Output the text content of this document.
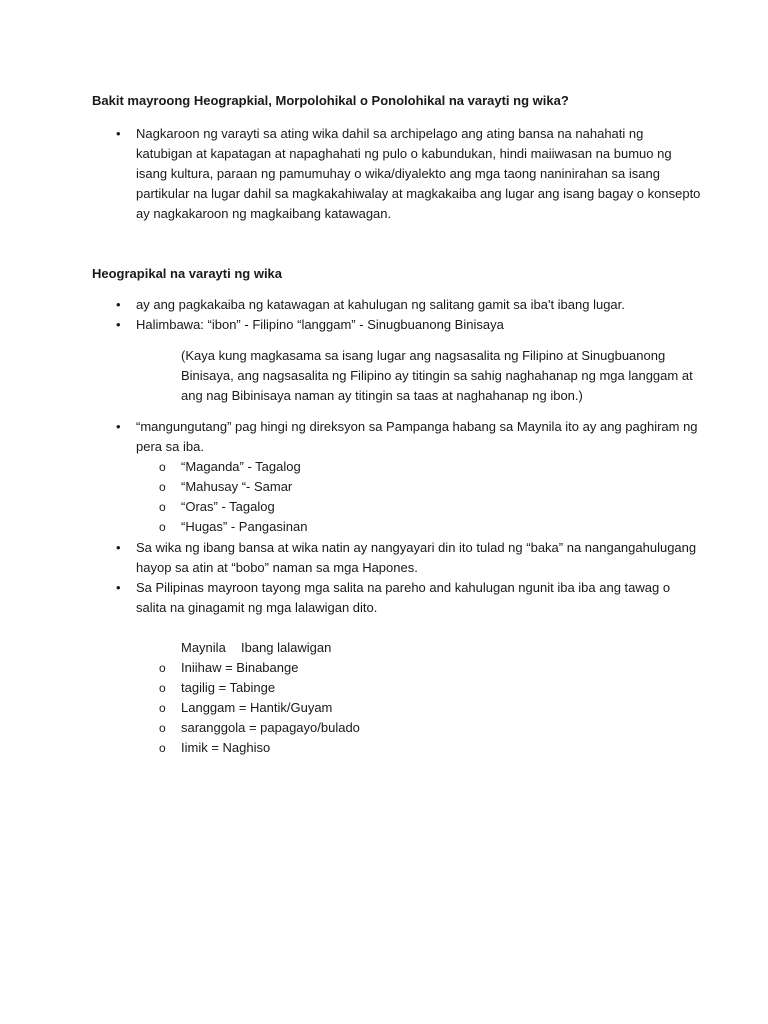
Bakit mayroong Heograpkial, Morpolohikal o Ponolohikal na varayti ng wika?
• Nagkaroon ng varayti sa ating wika dahil sa archipelago ang ating bansa na nahahati ng
katubigan at kapatagan at napaghahati ng pulo o kabundukan, hindi maiiwasan na bumuo ng
isang kultura, paraan ng pamumuhay o wika/diyalekto ang mga taong naninirahan sa isang
partikular na lugar dahil sa magkakahiwalay at magkakaiba ang lugar ang isang bagay o konsepto
ay nagkakaroon ng magkaibang katawagan.
Heograpikal na varayti ng wika
• ay ang pagkakaiba ng katawagan at kahulugan ng salitang gamit sa iba't ibang lugar.
• Halimbawa: “ibon” - Filipino “langgam” - Sinugbuanong Binisaya
(Kaya kung magkasama sa isang lugar ang nagsasalita ng Filipino at Sinugbuanong
Binisaya, ang nagsasalita ng Filipino ay titingin sa sahig naghahanap ng mga langgam at
ang nag Bibinisaya naman ay titingin sa taas at naghahanap ng ibon.)
• “mangungutang” pag hingi ng direksyon sa Pampanga habang sa Maynila ito ay ang paghiram ng
pera sa iba.
o “Maganda” - Tagalog
o “Mahusay “- Samar
o “Oras” - Tagalog
o “Hugas” - Pangasinan
• Sa wika ng ibang bansa at wika natin ay nangyayari din ito tulad ng “baka” na nangangahulugang
hayop sa atin at “bobo” naman sa mga Hapones.
• Sa Pilipinas mayroon tayong mga salita na pareho and kahulugan ngunit iba iba ang tawag o
salita na ginagamit ng mga lalawigan dito.
Maynila Ibang lalawigan
o Iniihaw = Binabange
o tagilig = Tabinge
o Langgam = Hantik/Guyam
o saranggola = papagayo/bulado
o Iimik = Naghiso
